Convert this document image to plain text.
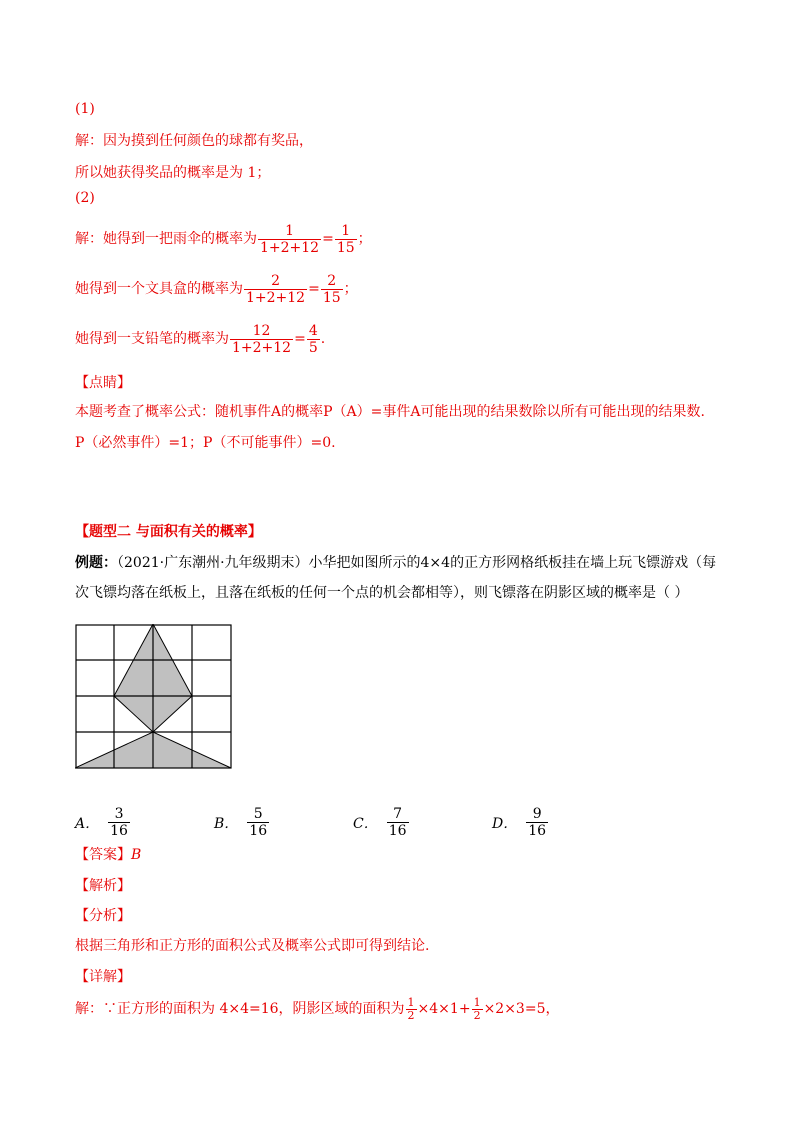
(1)
解：因为摸到任何颜色的球都有奖品，
所以她获得奖品的概率是为 1；
(2)
解：她得到一把雨伞的概率为 $\frac{1}{1+2+12} = \frac{1}{15}$ ；
她得到一个文具盒的概率为 $\frac{2}{1+2+12} = \frac{2}{15}$ ；
她得到一支铅笔的概率为 $\frac{12}{1+2+12} = \frac{4}{5}$ .
【点睛】
本题考查了概率公式：随机事件A的概率P（A）=事件A可能出现的结果数除以所有可能出现的结果数.
P（必然事件）=1；P（不可能事件）=0.
【题型二 与面积有关的概率】
例题：（2021·广东潮州·九年级期末）小华把如图所示的4×4的正方形网格纸板挂在墙上玩飞镖游戏（每
次飞镖均落在纸板上，且落在纸板的任何一个点的机会都相等），则飞镖落在阴影区域的概率是（ ）
A． $\frac{3}{16}$	B． $\frac{5}{16}$	C． $\frac{7}{16}$	D． $\frac{9}{16}$
【答案】B
【解析】
【分析】
根据三角形和正方形的面积公式及概率公式即可得到结论.
【详解】
解：∵正方形的面积为 4×4=16，阴影区域的面积为 $\frac{1}{2} \times 4\times 1+ \frac{1}{2} \times 2\times 3=5$，
